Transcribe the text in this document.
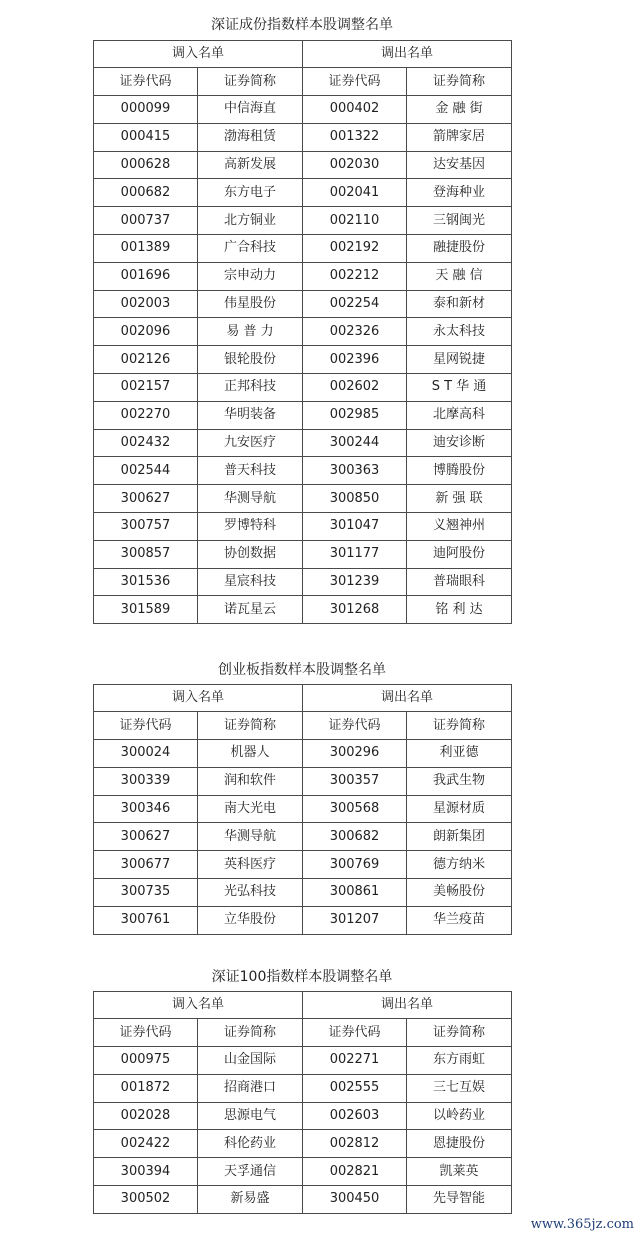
深证成份指数样本股调整名单
调入名单		调出名单	
证券代码	证券简称	证券代码	证券简称
000099	中信海直	000402	金 融 街
000415	渤海租赁	001322	箭牌家居
000628	高新发展	002030	达安基因
000682	东方电子	002041	登海种业
000737	北方铜业	002110	三钢闽光
001389	广合科技	002192	融捷股份
001696	宗申动力	002212	天 融 信
002003	伟星股份	002254	泰和新材
002096	易 普 力	002326	永太科技
002126	银轮股份	002396	星网锐捷
002157	正邦科技	002602	S T 华 通
002270	华明装备	002985	北摩高科
002432	九安医疗	300244	迪安诊断
002544	普天科技	300363	博腾股份
300627	华测导航	300850	新 强 联
300757	罗博特科	301047	义翘神州
300857	协创数据	301177	迪阿股份
301536	星宸科技	301239	普瑞眼科
301589	诺瓦星云	301268	铭 利 达
创业板指数样本股调整名单
调入名单		调出名单	
证券代码	证券简称	证券代码	证券简称
300024	机器人	300296	利亚德
300339	润和软件	300357	我武生物
300346	南大光电	300568	星源材质
300627	华测导航	300682	朗新集团
300677	英科医疗	300769	德方纳米
300735	光弘科技	300861	美畅股份
300761	立华股份	301207	华兰疫苗
深证100指数样本股调整名单
调入名单		调出名单	
证券代码	证券简称	证券代码	证券简称
000975	山金国际	002271	东方雨虹
001872	招商港口	002555	三七互娱
002028	思源电气	002603	以岭药业
002422	科伦药业	002812	恩捷股份
300394	天孚通信	002821	凯莱英
300502	新易盛	300450	先导智能
www.365jz.com
